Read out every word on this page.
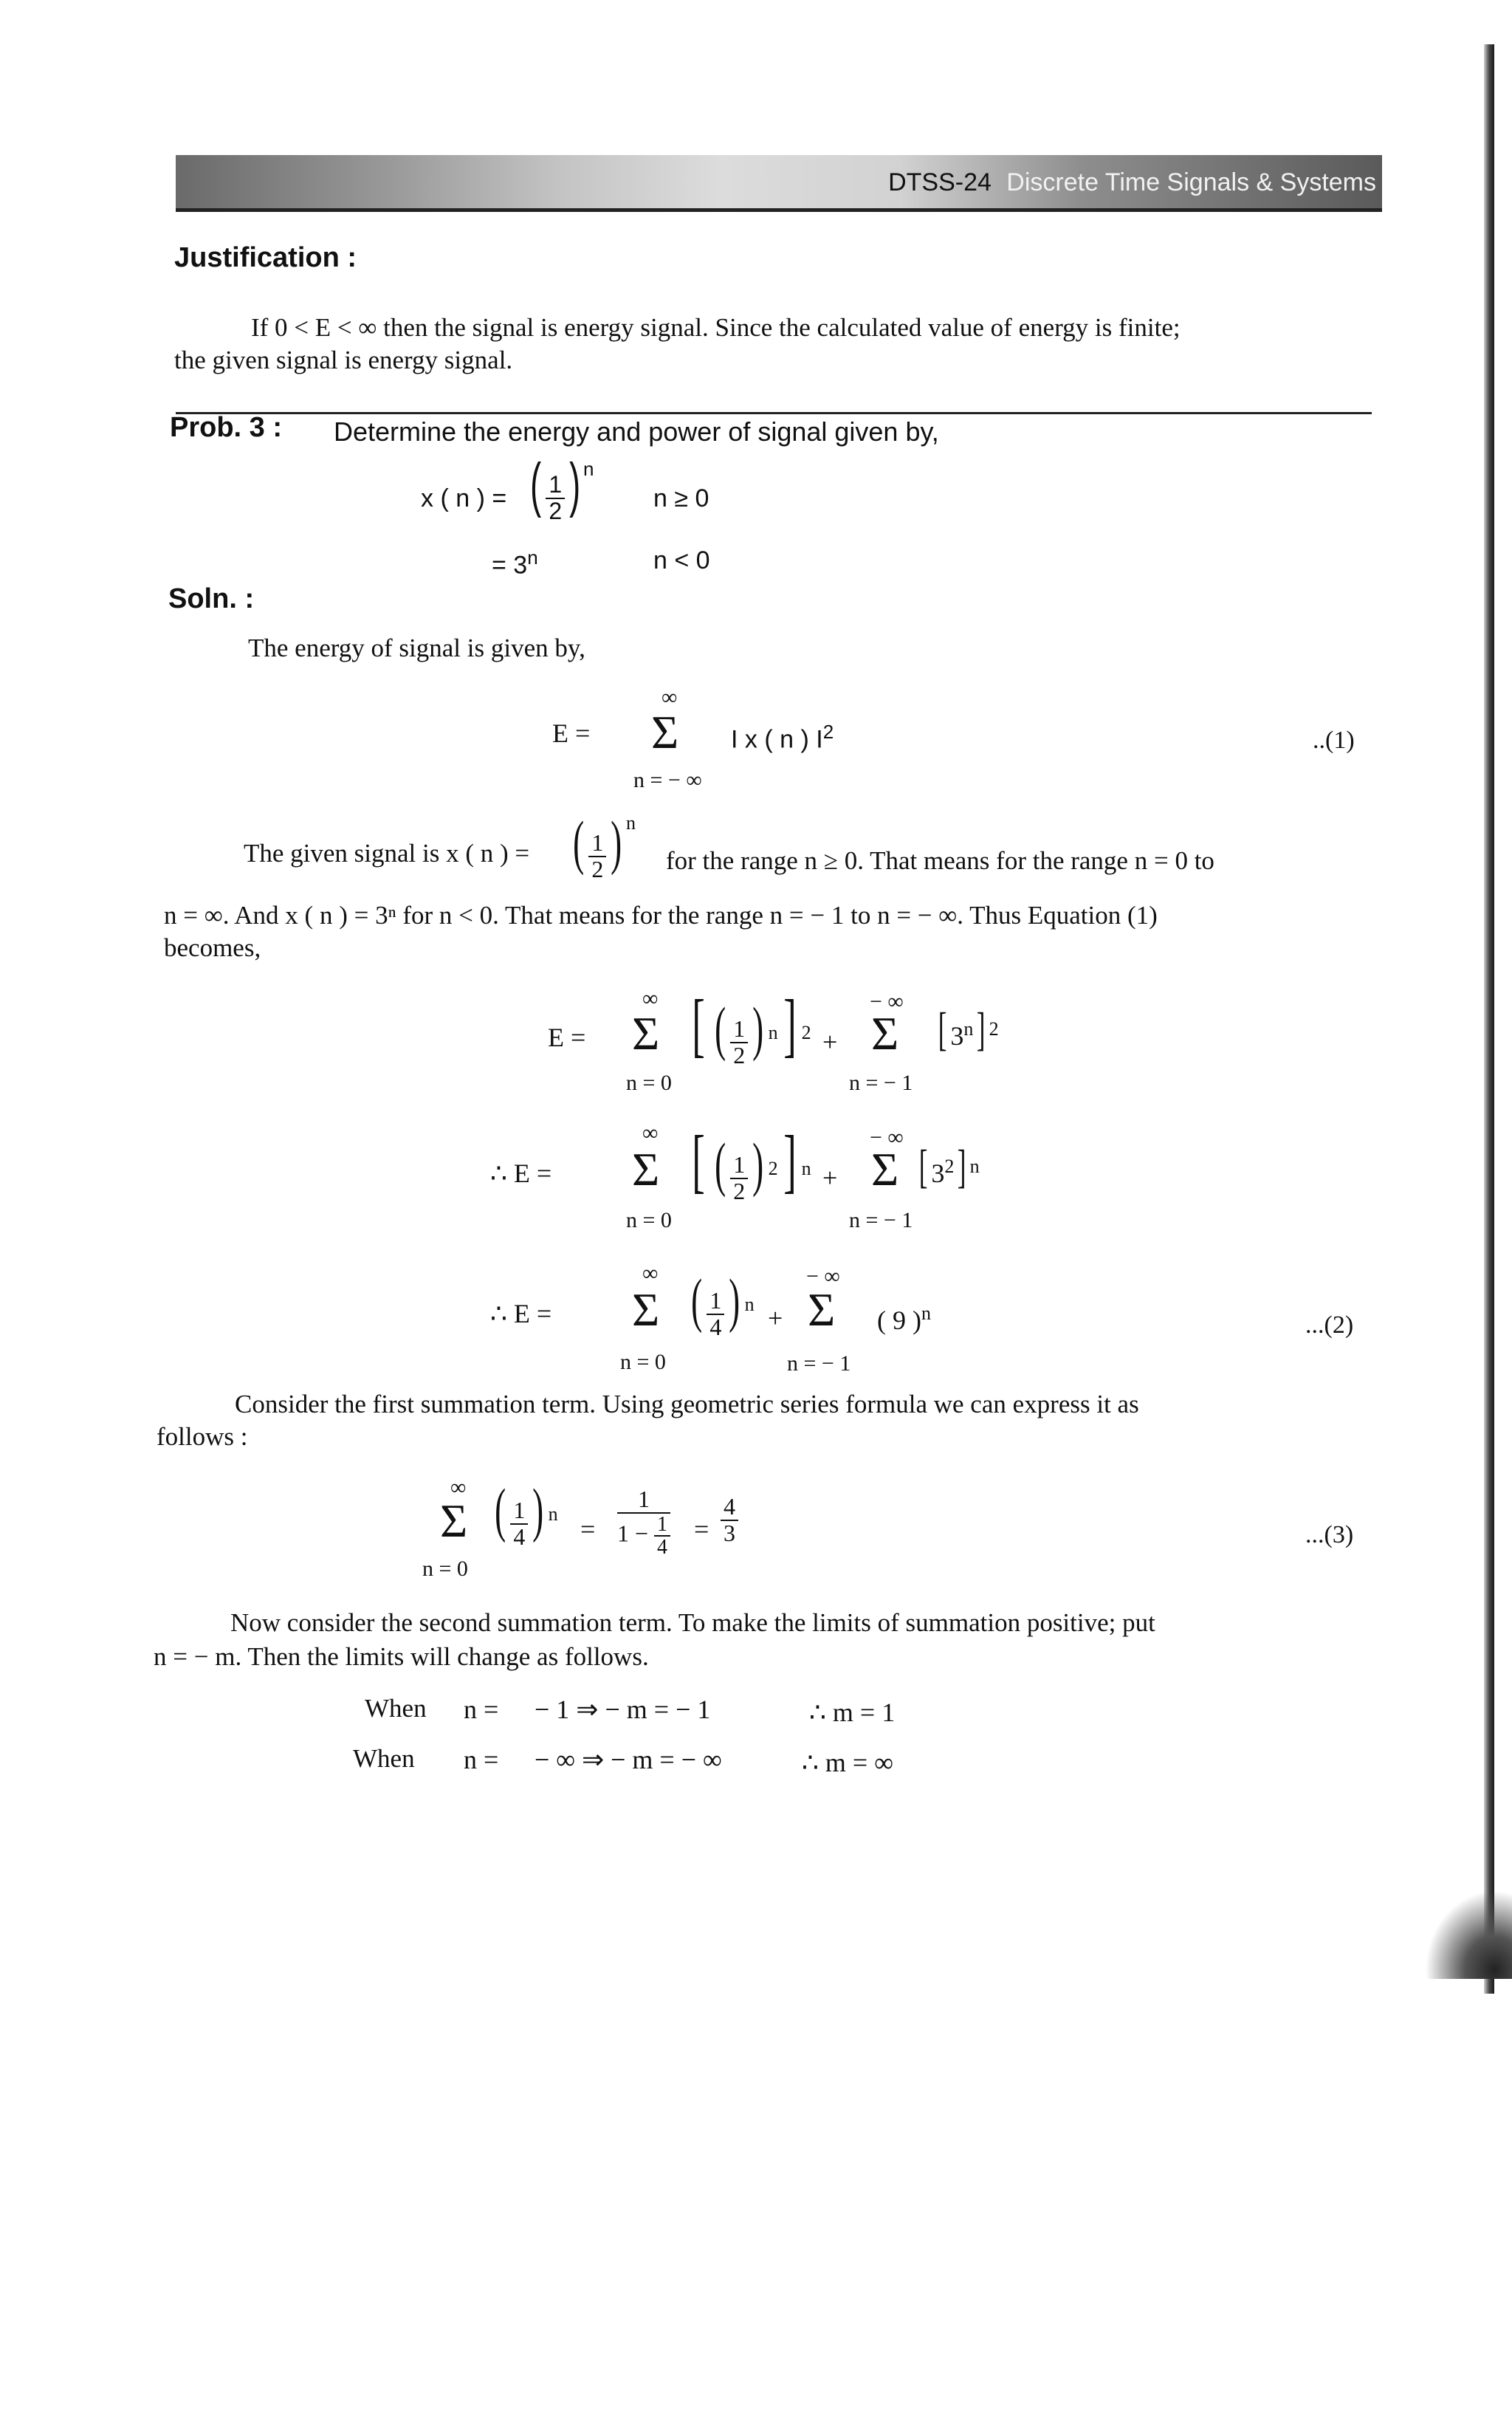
DTSS-24 Discrete Time Signals & Systems
Justification :
If 0 < E < ∞ then the signal is energy signal. Since the calculated value of energy is finite;
the given signal is energy signal.
Prob. 3 : Determine the energy and power of signal given by,
x ( n ) = ( $\frac{1}{2}$ ) n
n ≥ 0
= $3^n$	n < 0
Soln. :
The energy of signal is given by,
E =
∞
Σ
n = − ∞
I x ( n ) $I^2$	..(1)
The given signal is x ( n ) = ( $\frac{1}{2}$ ) n
for the range n ≥ 0. That means for the range n = 0 to
n = ∞. And x ( n ) = 3ⁿ for n < 0. That means for the range n = − 1 to n = − ∞. Thus Equation (1)
becomes,
E =
∞
Σ
n = 0
[ ( $\frac{1}{2}$ ) $^n$] $^2$ +
− ∞
Σ
n = − 1
[ 3$^n$] $^2$
∴ E =
∞
Σ
n = 0
[ ( $\frac{1}{2}$ ) $^2$] $^n$ +
− ∞
Σ
n = − 1
[ $3^2$] $^n$
∴ E =
∞
Σ
n = 0
( $\frac{1}{4}$ ) $^n$ +
− ∞
Σ
n = − 1
( 9 )$^n$	...(2)
Consider the first summation term. Using geometric series formula we can express it as
follows :
∞
Σ
n = 0
( $\frac{1}{4}$ ) $^n$
= $\frac{1}{1 - \frac{1}{4}} = \frac{4}{3}$	...(3)
Now consider the second summation term. To make the limits of summation positive; put
n = − m. Then the limits will change as follows.
When n = − 1 ⇒ − m = − 1	∴ m = 1
When n = − ∞ ⇒ − m = − ∞	∴ m = ∞
